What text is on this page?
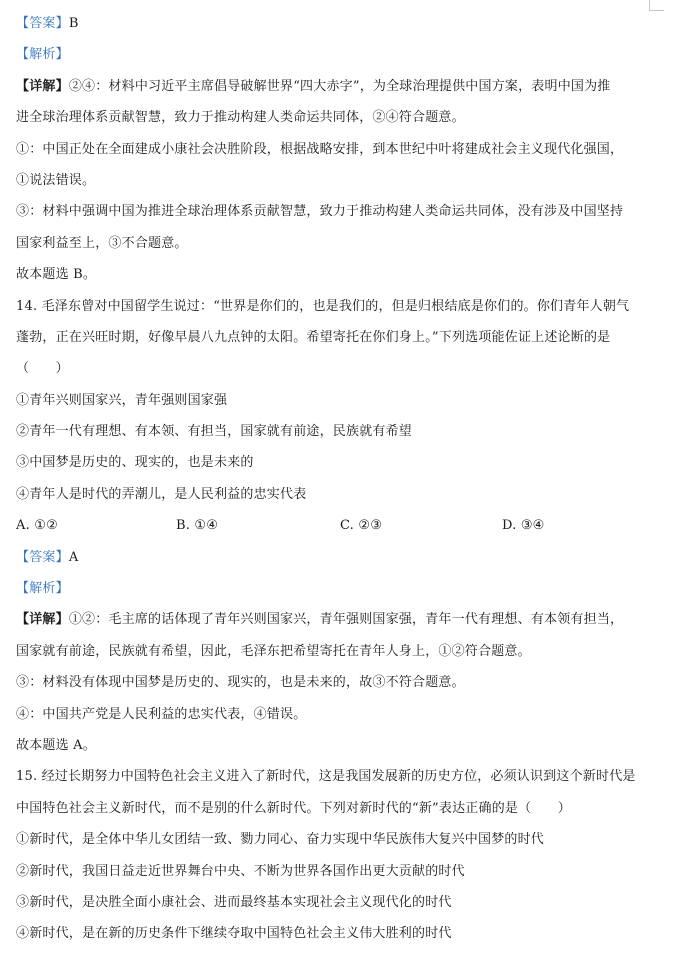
【答案】B
【解析】
【详解】②④：材料中习近平主席倡导破解世界“四大赤字”，为全球治理提供中国方案，表明中国为推
进全球治理体系贡献智慧，致力于推动构建人类命运共同体，②④符合题意。
①：中国正处在全面建成小康社会决胜阶段，根据战略安排，到本世纪中叶将建成社会主义现代化强国，
①说法错误。
③：材料中强调中国为推进全球治理体系贡献智慧，致力于推动构建人类命运共同体，没有涉及中国坚持
国家利益至上，③不合题意。
故本题选 B。
14. 毛泽东曾对中国留学生说过：“世界是你们的，也是我们的，但是归根结底是你们的。你们青年人朝气
蓬勃，正在兴旺时期，好像早晨八九点钟的太阳。希望寄托在你们身上。”下列选项能佐证上述论断的是
（　　）
①青年兴则国家兴，青年强则国家强
②青年一代有理想、有本领、有担当，国家就有前途，民族就有希望
③中国梦是历史的、现实的，也是未来的
④青年人是时代的弄潮儿，是人民利益的忠实代表
A. ①②	B. ①④	C. ②③	D. ③④
【答案】A
【解析】
【详解】①②：毛主席的话体现了青年兴则国家兴，青年强则国家强，青年一代有理想、有本领有担当，
国家就有前途，民族就有希望，因此，毛泽东把希望寄托在青年人身上，①②符合题意。
③：材料没有体现中国梦是历史的、现实的，也是未来的，故③不符合题意。
④：中国共产党是人民利益的忠实代表，④错误。
故本题选 A。
15. 经过长期努力中国特色社会主义进入了新时代，这是我国发展新的历史方位，必须认识到这个新时代是
中国特色社会主义新时代，而不是别的什么新时代。下列对新时代的“新”表达正确的是（　　）
①新时代，是全体中华儿女团结一致、勠力同心、奋力实现中华民族伟大复兴中国梦的时代
②新时代，我国日益走近世界舞台中央、不断为世界各国作出更大贡献的时代
③新时代，是决胜全面小康社会、进而最终基本实现社会主义现代化的时代
④新时代，是在新的历史条件下继续夺取中国特色社会主义伟大胜利的时代
